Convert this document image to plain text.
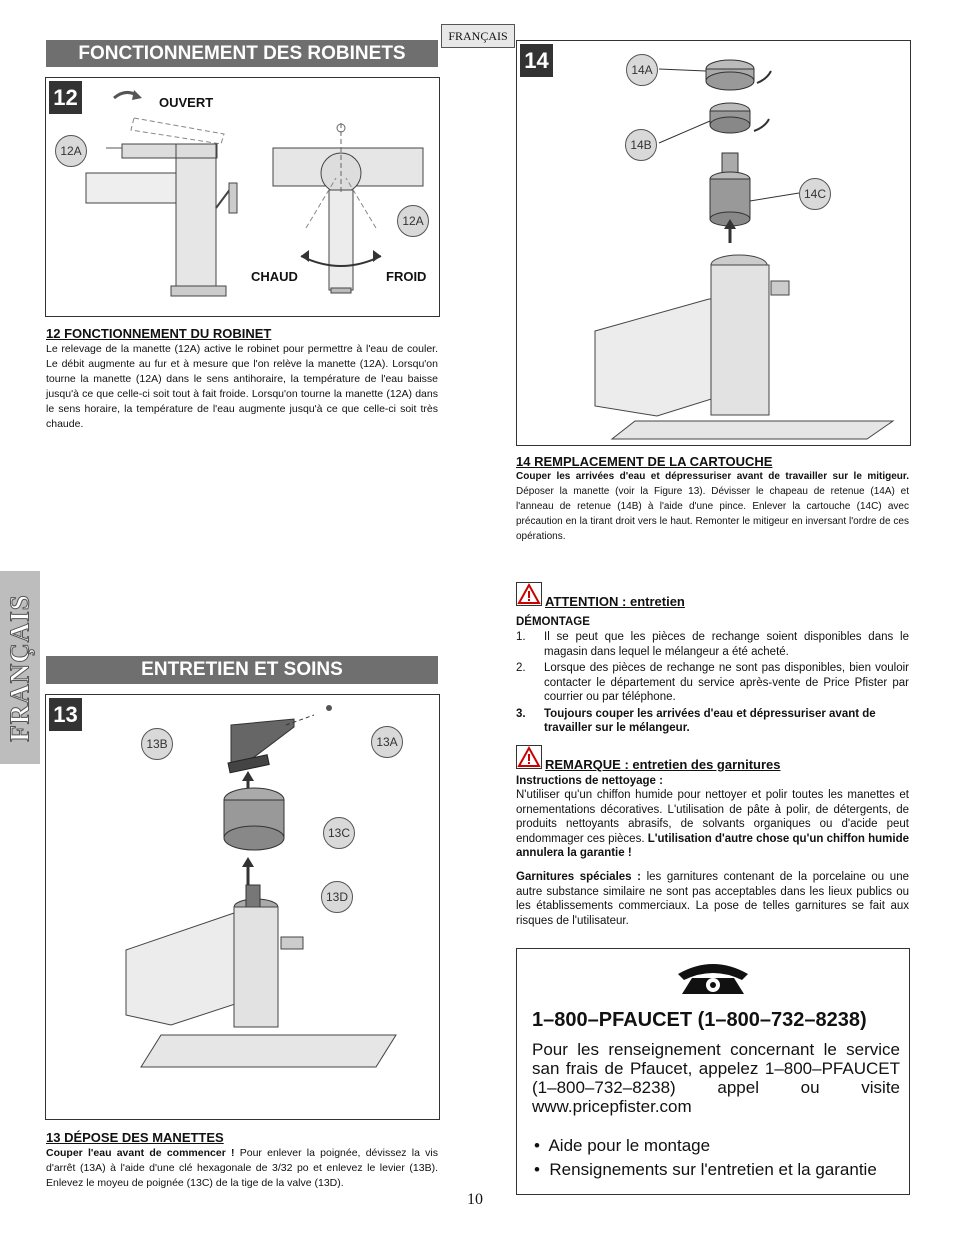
FRANÇAIS
FRANÇAIS
FONCTIONNEMENT DES ROBINETS
12	OUVERT
12A
12A
CHAUD	FROID
12 FONCTIONNEMENT DU ROBINET
Le relevage de la manette (12A) active le robinet pour permettre à l'eau de couler. Le débit augmente au fur et à mesure que l'on relève la manette (12A). Lorsqu'on tourne la manette (12A) dans le sens antihoraire, la température de l'eau baisse jusqu'à ce que celle-ci soit tout à fait froide. Lorsqu'on tourne la manette (12A) dans le sens horaire, la température de l'eau augmente jusqu'à ce que celle-ci soit très chaude.
ENTRETIEN ET SOINS
13
13B	13A
13C
13D
13 DÉPOSE DES MANETTES
Couper l'eau avant de commencer ! Pour enlever la poignée, dévissez la vis d'arrêt (13A) à l'aide d'une clé hexagonale de 3/32 po et enlevez le levier (13B). Enlevez le moyeu de poignée (13C) de la tige de la valve (13D).
14	14A
14B
14C
14 REMPLACEMENT DE LA CARTOUCHE
Couper les arrivées d'eau et dépressuriser avant de travailler sur le mitigeur. Déposer la manette (voir la Figure 13). Dévisser le chapeau de retenue (14A) et l'anneau de retenue (14B) à l'aide d'une pince. Enlever la cartouche (14C) avec précaution en la tirant droit vers le haut. Remonter le mitigeur en inversant l'ordre de ces opérations.
ATTENTION : entretien
DÉMONTAGE
1.	Il se peut que les pièces de rechange soient disponibles dans le magasin dans lequel le mélangeur a été acheté.
2.	Lorsque des pièces de rechange ne sont pas disponibles, bien vouloir contacter le département du service après-vente de Price Pfister par courrier ou par téléphone.
3.	Toujours couper les arrivées d'eau et dépressuriser avant de travailler sur le mélangeur.
REMARQUE : entretien des garnitures
Instructions de nettoyage :
N'utiliser qu'un chiffon humide pour nettoyer et polir toutes les manettes et ornementations décoratives. L'utilisation de pâte à polir, de détergents, de produits nettoyants abrasifs, de solvants organiques ou d'acide peut endommager ces pièces. L'utilisation d'autre chose qu'un chiffon humide annulera la garantie !
Garnitures spéciales : les garnitures contenant de la porcelaine ou une autre substance similaire ne sont pas acceptables dans les lieux publics ou les établissements commerciaux. La pose de telles garnitures se fait aux risques de l'utilisateur.
1–800–PFAUCET (1–800–732–8238)
Pour les renseignement concernant le service san frais de Pfaucet, appelez 1–800–PFAUCET (1–800–732–8238) appel ou visite www.pricepfister.com
•  Aide pour le montage
•  Rensignements sur l'entretien et la garantie
10
